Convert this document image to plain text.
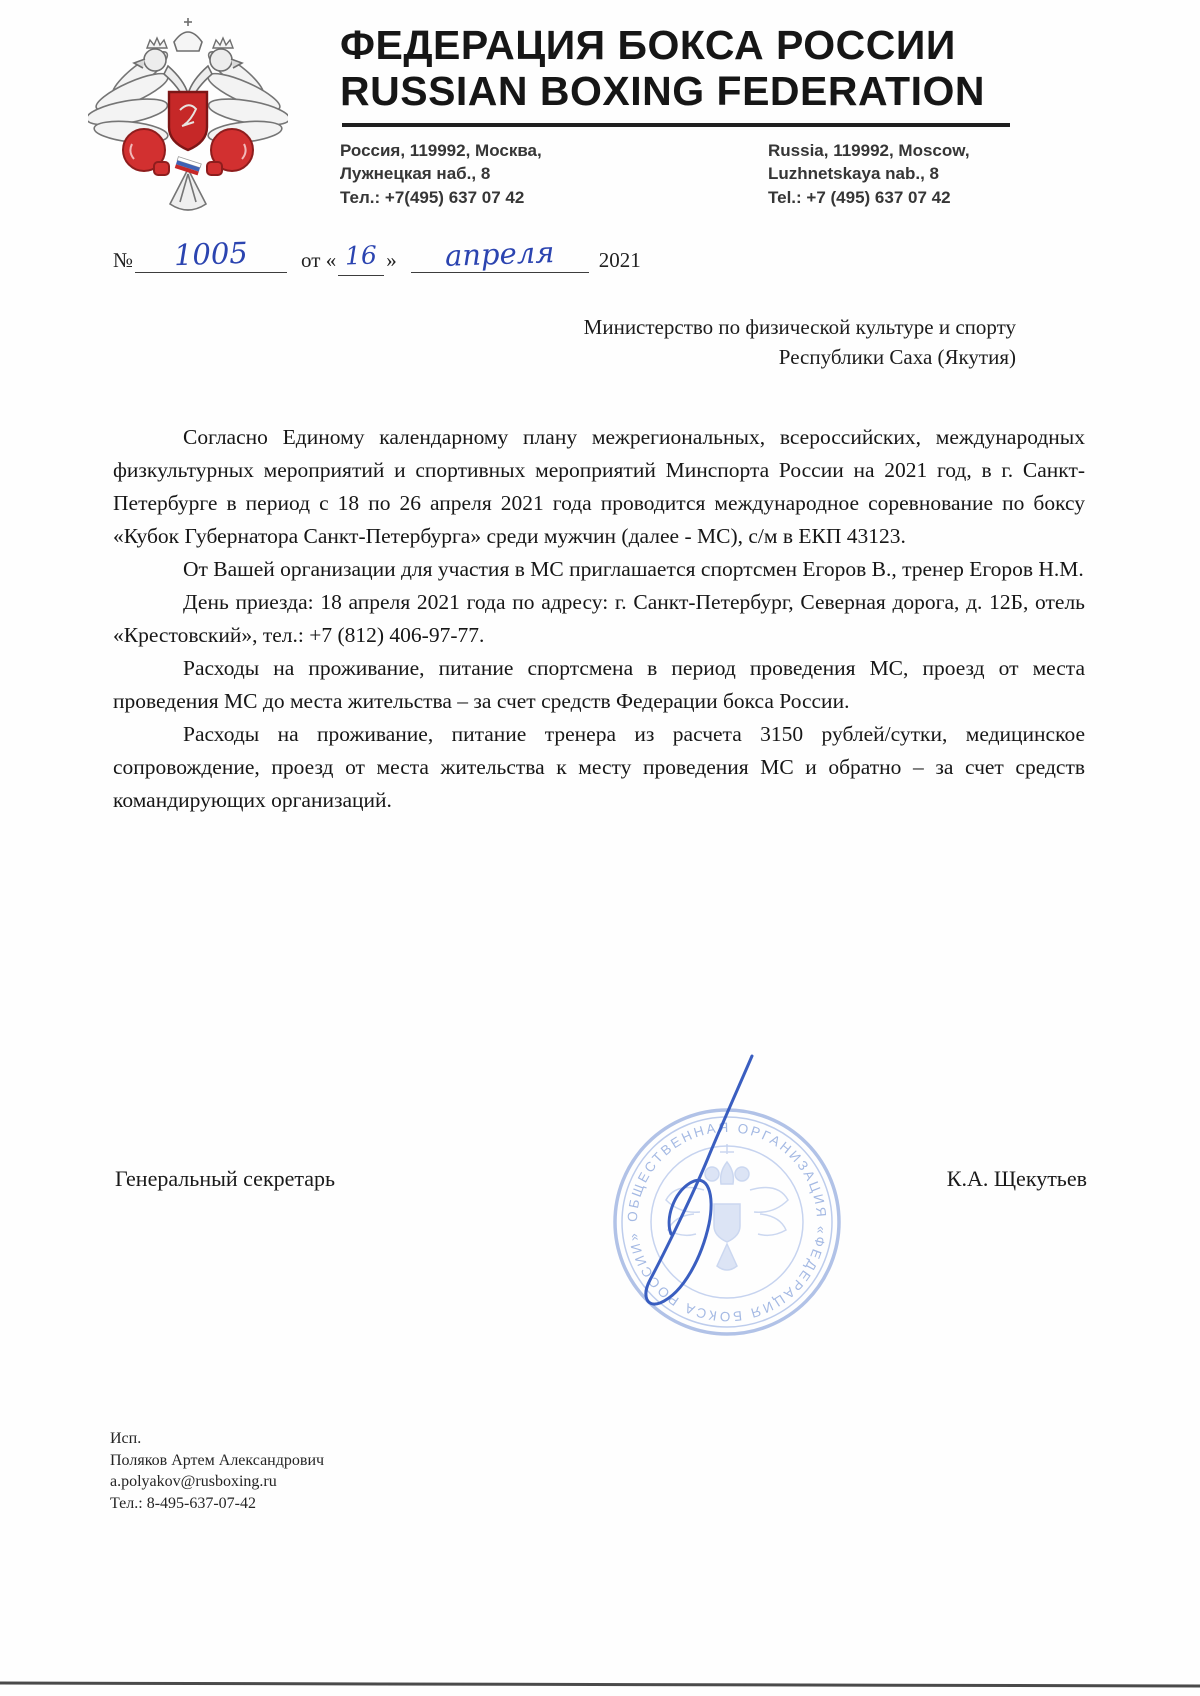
ФЕДЕРАЦИЯ БОКСА РОССИИ
RUSSIAN BOXING FEDERATION
Россия, 119992, Москва,
Лужнецкая наб., 8
Тел.: +7(495) 637 07 42
Russia, 119992, Moscow,
Luzhnetskaya nab., 8
Tel.: +7 (495) 637 07 42
№ 1005	от « 16 » апреля 2021
Министерство по физической культуре и спорту
Республики Саха (Якутия)

Согласно Единому календарному плану межрегиональных, всероссийских, международных физкультурных мероприятий и спортивных мероприятий Минспорта России на 2021 год, в г. Санкт-Петербурге в период с 18 по 26 апреля 2021 года проводится международное соревнование по боксу «Кубок Губернатора Санкт-Петербурга» среди мужчин (далее - МС), с/м в ЕКП 43123.

От Вашей организации для участия в МС приглашается спортсмен Егоров В., тренер Егоров Н.М.

День приезда: 18 апреля 2021 года по адресу: г. Санкт-Петербург, Северная дорога, д. 12Б, отель «Крестовский», тел.: +7 (812) 406-97-77.

Расходы на проживание, питание спортсмена в период проведения МС, проезд от места проведения МС до места жительства – за счет средств Федерации бокса России.

Расходы на проживание, питание тренера из расчета 3150 рублей/сутки, медицинское сопровождение, проезд от места жительства к месту проведения МС и обратно – за счет средств командирующих организаций.

Генеральный секретарь	К.А. Щекутьев
ОБЩЕСТВЕННАЯ ОРГАНИЗАЦИЯ «ФЕДЕРАЦИЯ БОКСА РОССИИ»
Исп.
Поляков Артем Александрович
a.polyakov@rusboxing.ru
Тел.: 8-495-637-07-42
